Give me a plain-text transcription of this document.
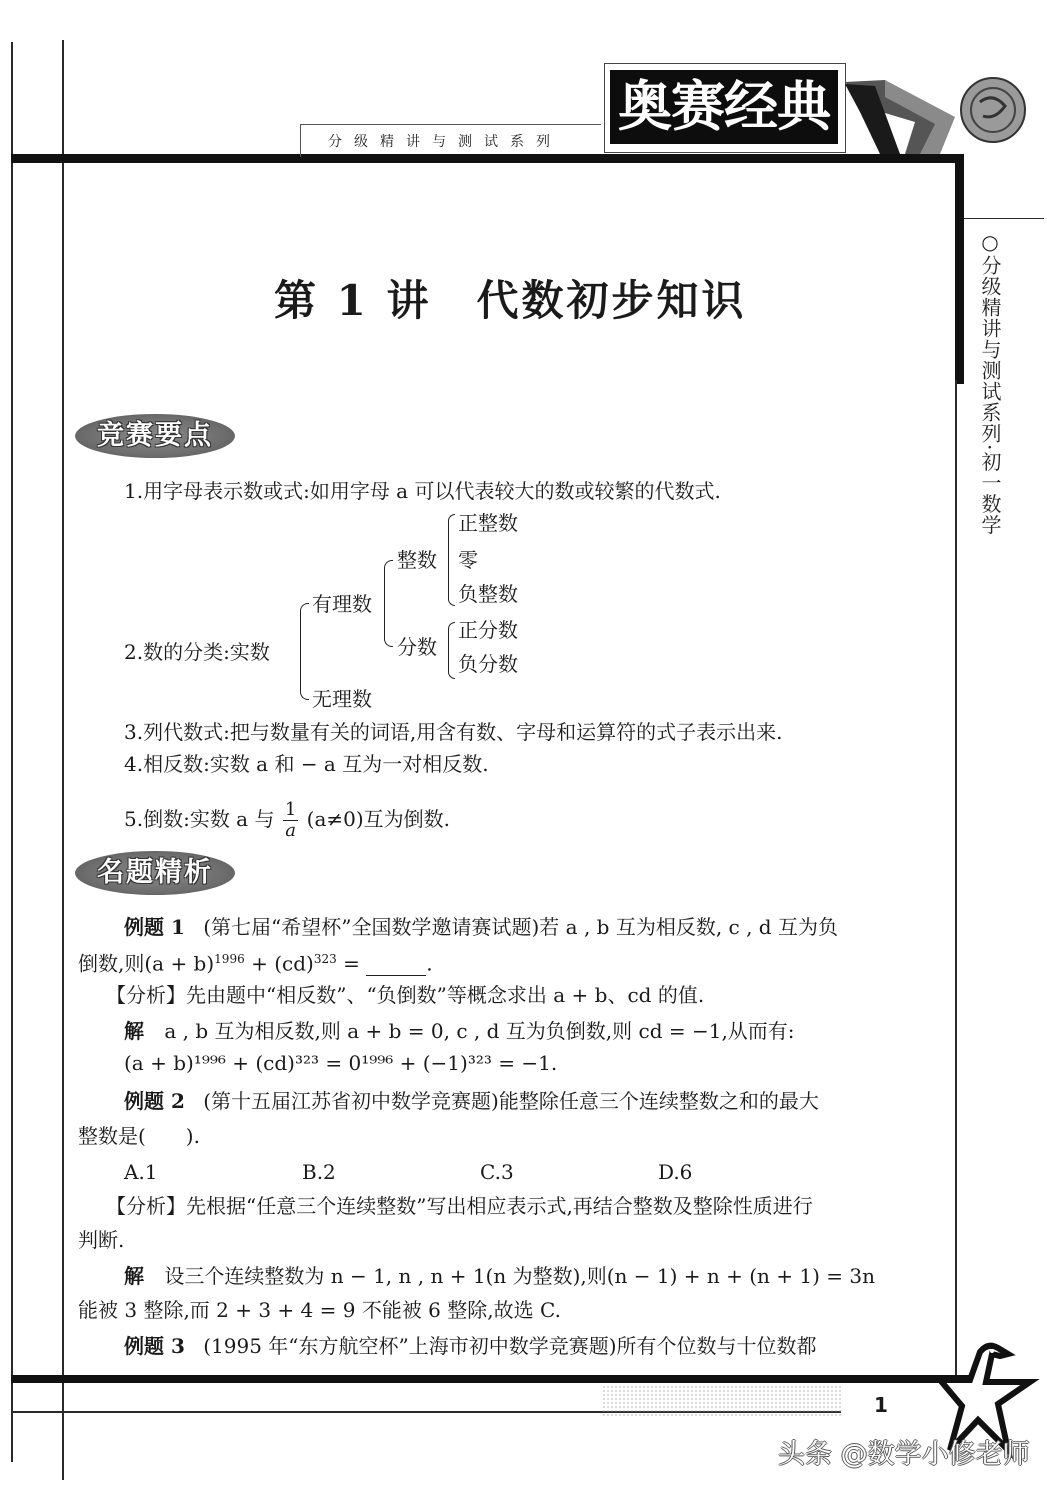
分级精讲与测试系列
奥赛经典
○分级精讲与测试系列·初一数学
第 1 讲　代数初步知识
竞赛要点
1.用字母表示数或式:如用字母 a 可以代表较大的数或较繁的代数式.
2.数的分类:实数
有理数
无理数
整数
分数
正整数
零
负整数
正分数
负分数
3.列代数式:把与数量有关的词语,用含有数、字母和运算符的式子表示出来.
4.相反数:实数 a 和 − a 互为一对相反数.
5.倒数:实数 a 与 $\frac{1}{a} (a\ne 0)$互为倒数.
名题精析
例题 1 (第七届“希望杯”全国数学邀请赛试题)若 a , b 互为相反数, c , d 互为负
倒数,则$(a + b)^{1996} + (cd)^{323}$ =	.
【分析】先由题中“相反数”、“负倒数”等概念求出 a + b、cd 的值.
解 a , b 互为相反数,则 a + b = 0, c , d 互为负倒数,则 cd = −1,从而有:
(a + b)¹⁹⁹⁶ + (cd)³²³ = 0¹⁹⁹⁶ + (−1)³²³ = −1.
例题 2 (第十五届江苏省初中数学竞赛题)能整除任意三个连续整数之和的最大
整数是(　　).
A.1	B.2	C.3	D.6
【分析】先根据“任意三个连续整数”写出相应表示式,再结合整数及整除性质进行
判断.
解 设三个连续整数为 n − 1, n , n + 1(n 为整数),则(n − 1) + n + (n + 1) = 3n
能被 3 整除,而 2 + 3 + 4 = 9 不能被 6 整除,故选 C.
例题 3 (1995 年“东方航空杯”上海市初中数学竞赛题)所有个位数与十位数都
1
头条 @数学小修老师
